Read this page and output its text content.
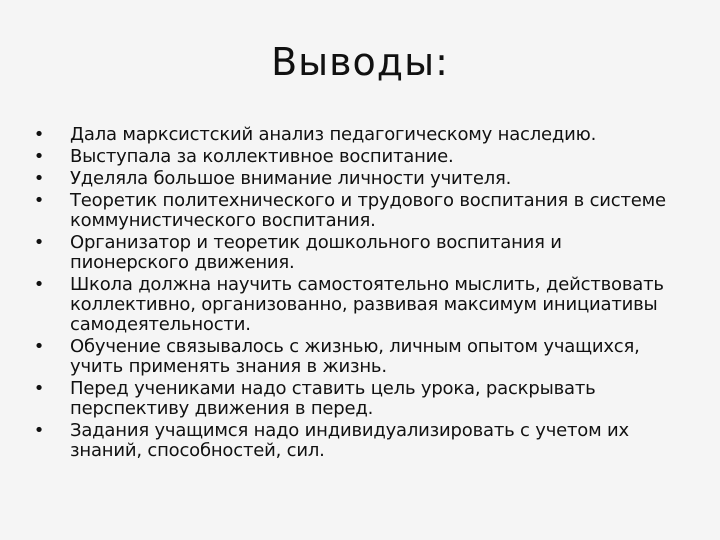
Выводы:
• Дала марксистский анализ педагогическому наследию.
• Выступала за коллективное воспитание.
• Уделяла большое внимание личности учителя.
• Теоретик политехнического и трудового воспитания в системе коммунистического воспитания.
• Организатор и теоретик дошкольного воспитания и пионерского движения.
• Школа должна научить самостоятельно мыслить, действовать коллективно, организованно, развивая максимум инициативы самодеятельности.
• Обучение связывалось с жизнью, личным опытом учащихся, учить применять знания в жизнь.
• Перед учениками надо ставить цель урока, раскрывать перспективу движения в перед.
• Задания учащимся надо индивидуализировать с учетом их знаний, способностей, сил.
